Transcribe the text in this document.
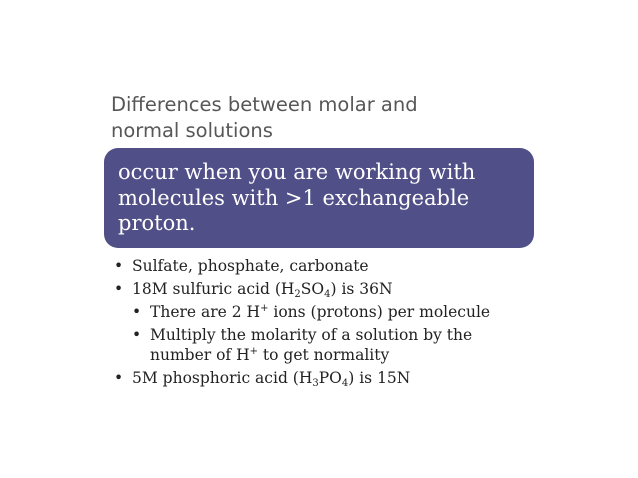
Differences between molar and
normal solutions
occur when you are working with molecules with >1 exchangeable proton.
• Sulfate, phosphate, carbonate
• 18M sulfuric acid $(H_2SO_4)$ is 36N
• There are 2 H+ ions (protons) per molecule
• Multiply the molarity of a solution by the
number of H+ to get normality
• 5M phosphoric acid $(H_3PO_4)$ is 15N
